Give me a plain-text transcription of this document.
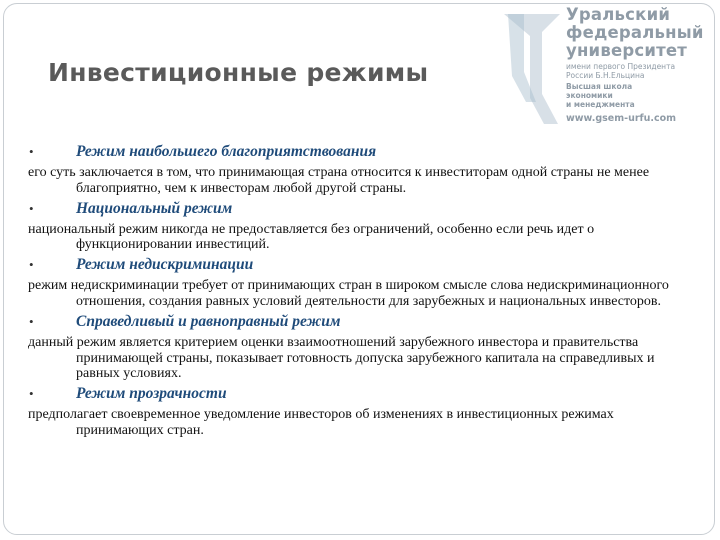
Уральский
федеральный
университет
имени первого Президента
России Б.Н.Ельцина
Высшая школа
экономики
и менеджмента
www.gsem-urfu.com
Инвестиционные режимы
•	Режим наибольшего благоприятствования
его суть заключается в том, что принимающая страна относится к инвеститорам одной страны не менее благоприятно, чем к инвесторам любой другой страны.
•	Национальный режим
национальный режим никогда не предоставляется без ограничений, особенно если речь идет о функционировании инвестиций.
•	Режим недискриминации
режим недискриминации требует от принимающих стран в широком смысле слова недискриминационного отношения, создания равных условий деятельности для зарубежных и национальных инвесторов.
•	Справедливый и равноправный режим
данный режим является критерием оценки взаимоотношений зарубежного инвестора и правительства принимающей страны, показывает готовность допуска зарубежного капитала на справедливых и равных условиях.
•	Режим прозрачности
предполагает своевременное уведомление инвесторов об изменениях в инвестиционных режимах принимающих стран.
